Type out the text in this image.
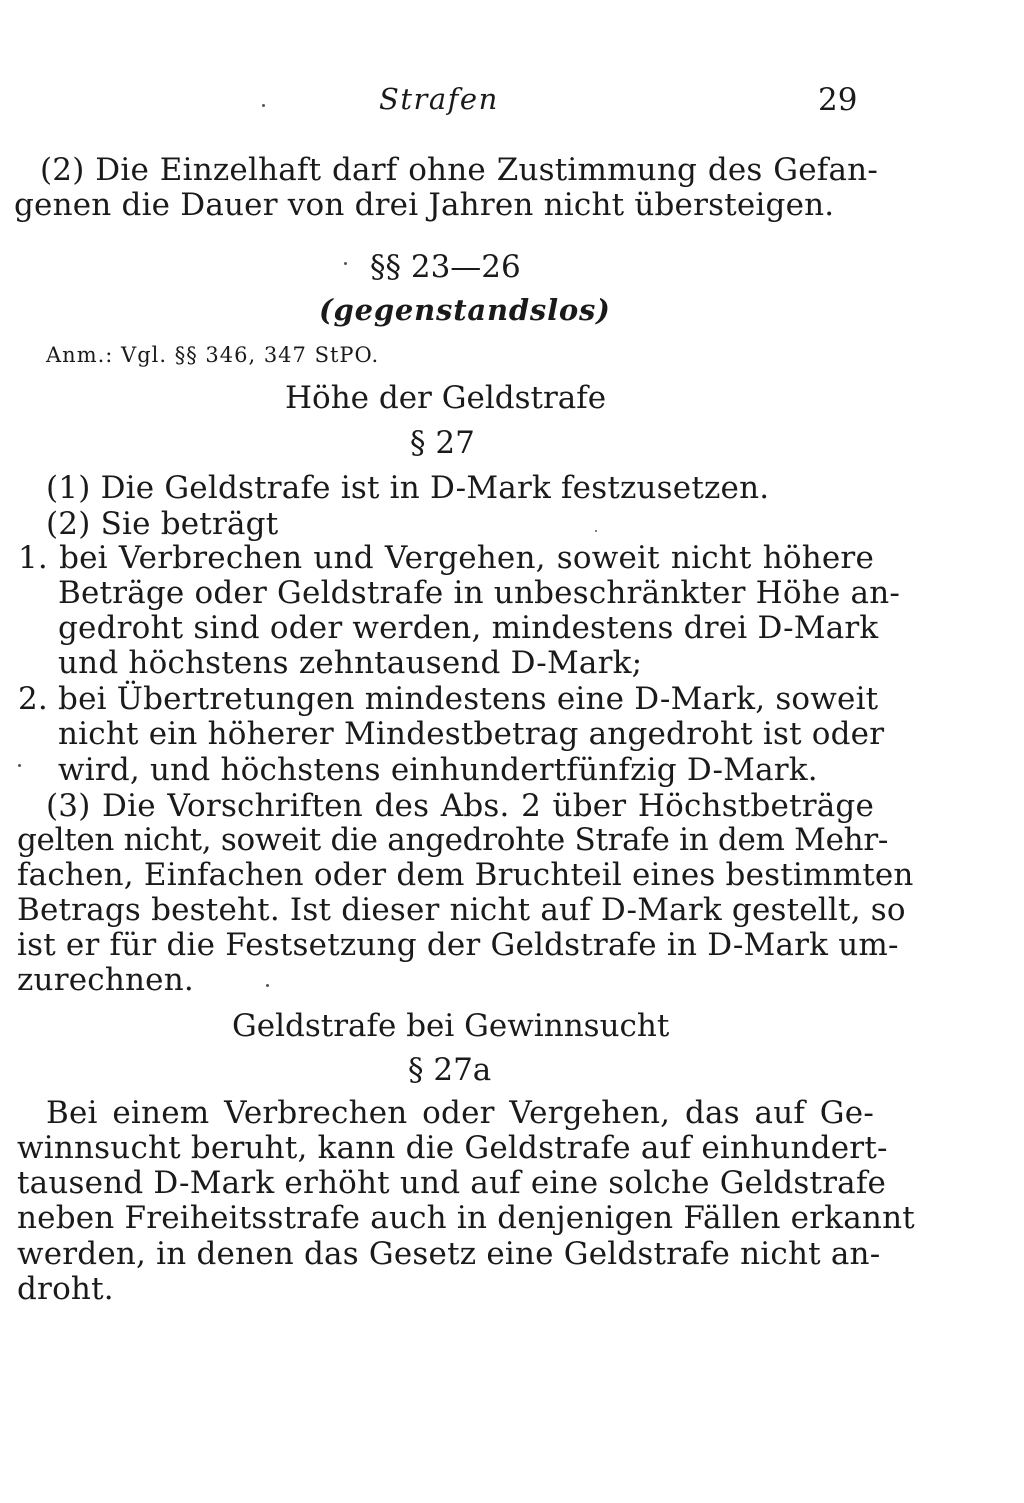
Strafen	29
(2) Die Einzelhaft darf ohne Zustimmung des Gefan-
genen die Dauer von drei Jahren nicht übersteigen.
§§ 23—26
(gegenstandslos)
Anm.: Vgl. §§ 346, 347 StPO.
Höhe der Geldstrafe
§ 27
(1) Die Geldstrafe ist in D-Mark festzusetzen.
(2) Sie beträgt
1. bei Verbrechen und Vergehen, soweit nicht höhere
Beträge oder Geldstrafe in unbeschränkter Höhe an-
gedroht sind oder werden, mindestens drei D-Mark
und höchstens zehntausend D-Mark;
2. bei Übertretungen mindestens eine D-Mark, soweit
nicht ein höherer Mindestbetrag angedroht ist oder
wird, und höchstens einhundertfünfzig D-Mark.
(3) Die Vorschriften des Abs. 2 über Höchstbeträge
gelten nicht, soweit die angedrohte Strafe in dem Mehr-
fachen, Einfachen oder dem Bruchteil eines bestimmten
Betrags besteht. Ist dieser nicht auf D-Mark gestellt, so
ist er für die Festsetzung der Geldstrafe in D-Mark um-
zurechnen.
Geldstrafe bei Gewinnsucht
§ 27a
Bei einem Verbrechen oder Vergehen, das auf Ge-
winnsucht beruht, kann die Geldstrafe auf einhundert-
tausend D-Mark erhöht und auf eine solche Geldstrafe
neben Freiheitsstrafe auch in denjenigen Fällen erkannt
werden, in denen das Gesetz eine Geldstrafe nicht an-
droht.
